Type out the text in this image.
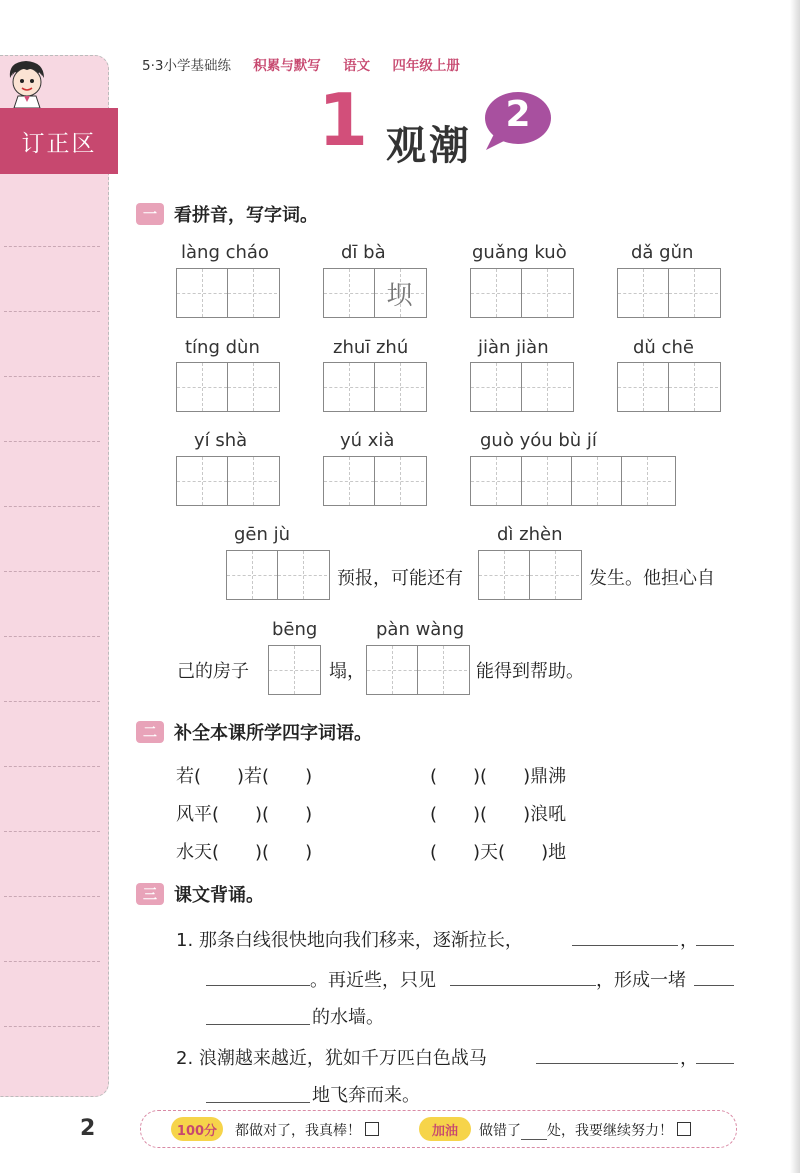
订正区
5·3小学基础练 积累与默写 语文 四年级上册
1 观潮
2
一 看拼音，写字词。
làng cháo	dī bà
坝
guǎng kuò	dǎ gǔn
tíng dùn	zhuī zhú	jiàn jiàn	dǔ chē
yí shà	yú xià	guò yóu bù jí
gēn jù
预报，可能还有
dì zhèn
发生。他担心自
己的房子
bēng
塌，
pàn wàng
能得到帮助。
二 补全本课所学四字词语。
若(　　)若(　　)	(　　)(　　)鼎沸
风平(　　)(　　)	(　　)(　　)浪吼
水天(　　)(　　)	(　　)天(　　)地
三 课文背诵。
1. 那条白线很快地向我们移来，逐渐拉长，	，
。再近些，只见	，形成一堵
的水墙。
2. 浪潮越来越近，犹如千万匹白色战马	，
地飞奔而来。
2	100分	都做对了，我真棒！	加油	做错了 处，我要继续努力！
